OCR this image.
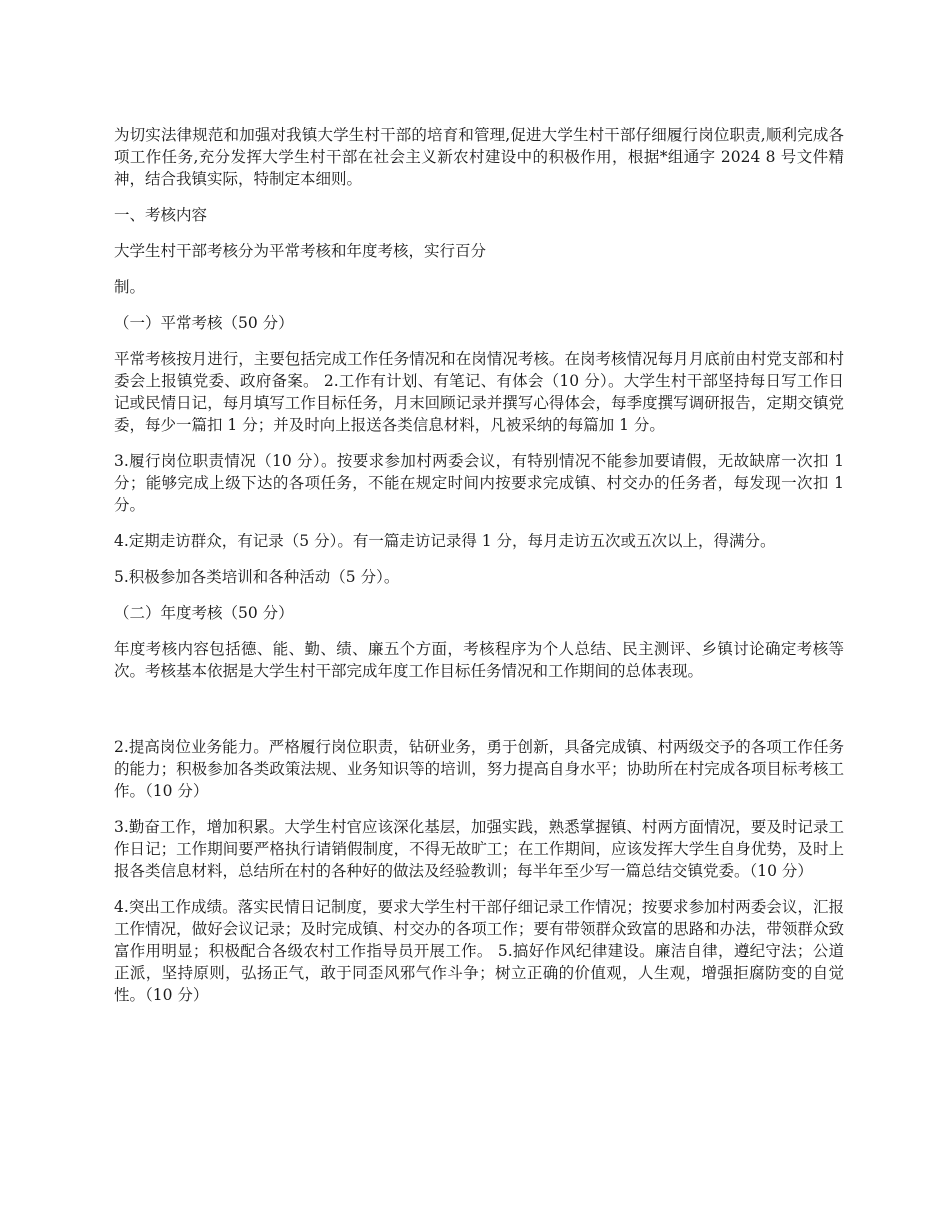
为切实法律规范和加强对我镇大学生村干部的培育和管理,促进大学生村干部仔细履行岗位职责,顺利完成各项工作任务,充分发挥大学生村干部在社会主义新农村建设中的积极作用，根据*组通字 2024 8 号文件精神，结合我镇实际，特制定本细则。

一、考核内容

大学生村干部考核分为平常考核和年度考核，实行百分

制。

（一）平常考核（50 分）

平常考核按月进行，主要包括完成工作任务情况和在岗情况考核。在岗考核情况每月月底前由村党支部和村委会上报镇党委、政府备案。 2.工作有计划、有笔记、有体会（10 分）。大学生村干部坚持每日写工作日记或民情日记，每月填写工作目标任务，月末回顾记录并撰写心得体会，每季度撰写调研报告，定期交镇党委，每少一篇扣 1 分；并及时向上报送各类信息材料，凡被采纳的每篇加 1 分。

3.履行岗位职责情况（10 分）。按要求参加村两委会议，有特别情况不能参加要请假，无故缺席一次扣 1 分；能够完成上级下达的各项任务，不能在规定时间内按要求完成镇、村交办的任务者，每发现一次扣 1 分。

4.定期走访群众，有记录（5 分）。有一篇走访记录得 1 分，每月走访五次或五次以上，得满分。

5.积极参加各类培训和各种活动（5 分）。

（二）年度考核（50 分）

年度考核内容包括德、能、勤、绩、廉五个方面，考核程序为个人总结、民主测评、乡镇讨论确定考核等次。考核基本依据是大学生村干部完成年度工作目标任务情况和工作期间的总体表现。

2.提高岗位业务能力。严格履行岗位职责，钻研业务，勇于创新，具备完成镇、村两级交予的各项工作任务的能力；积极参加各类政策法规、业务知识等的培训，努力提高自身水平；协助所在村完成各项目标考核工作。（10 分）

3.勤奋工作，增加积累。大学生村官应该深化基层，加强实践，熟悉掌握镇、村两方面情况，要及时记录工作日记；工作期间要严格执行请销假制度，不得无故旷工；在工作期间，应该发挥大学生自身优势，及时上报各类信息材料，总结所在村的各种好的做法及经验教训；每半年至少写一篇总结交镇党委。（10 分）

4.突出工作成绩。落实民情日记制度，要求大学生村干部仔细记录工作情况；按要求参加村两委会议，汇报工作情况，做好会议记录；及时完成镇、村交办的各项工作；要有带领群众致富的思路和办法，带领群众致富作用明显；积极配合各级农村工作指导员开展工作。 5.搞好作风纪律建设。廉洁自律，遵纪守法；公道正派，坚持原则，弘扬正气，敢于同歪风邪气作斗争；树立正确的价值观，人生观，增强拒腐防变的自觉性。（10 分）
